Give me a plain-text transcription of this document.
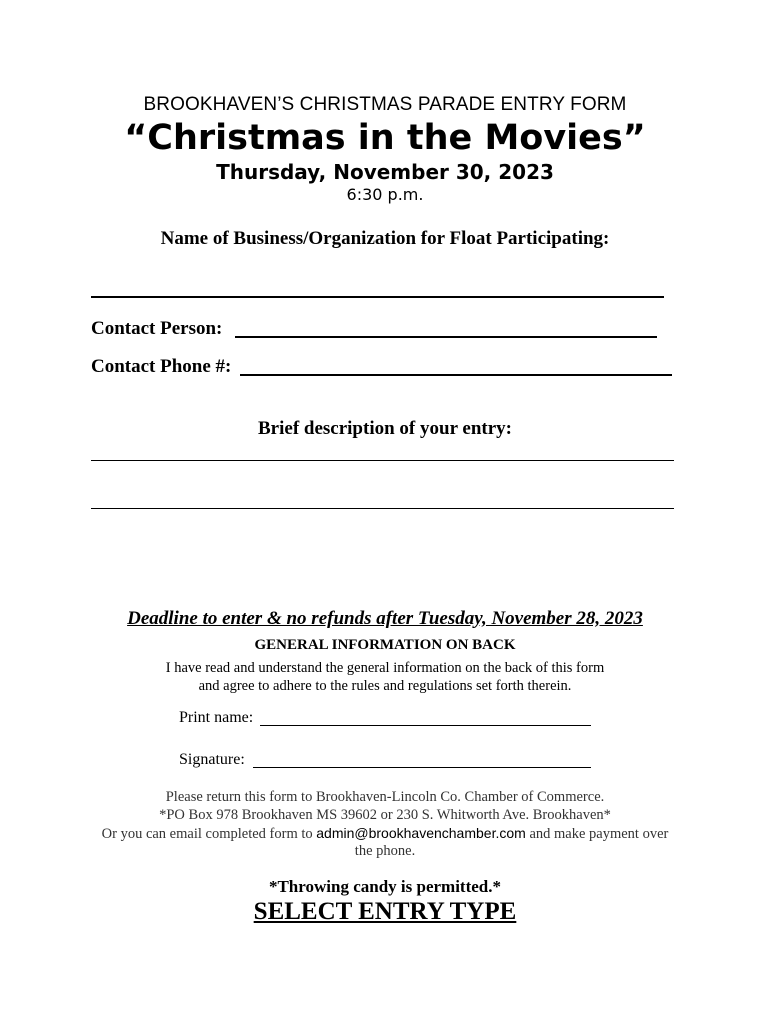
BROOKHAVEN’S CHRISTMAS PARADE ENTRY FORM
“Christmas in the Movies”
Thursday, November 30, 2023
6:30 p.m.
Name of Business/Organization for Float Participating:
Contact Person:
Contact Phone #:
Brief description of your entry:
Deadline to enter & no refunds after Tuesday, November 28, 2023
GENERAL INFORMATION ON BACK
I have read and understand the general information on the back of this form
and agree to adhere to the rules and regulations set forth therein.
Print name:
Signature:
Please return this form to Brookhaven-Lincoln Co. Chamber of Commerce.
*PO Box 978 Brookhaven MS 39602 or 230 S. Whitworth Ave. Brookhaven*
Or you can email completed form to admin@brookhavenchamber.com and make payment over
the phone.
*Throwing candy is permitted.*
SELECT ENTRY TYPE
